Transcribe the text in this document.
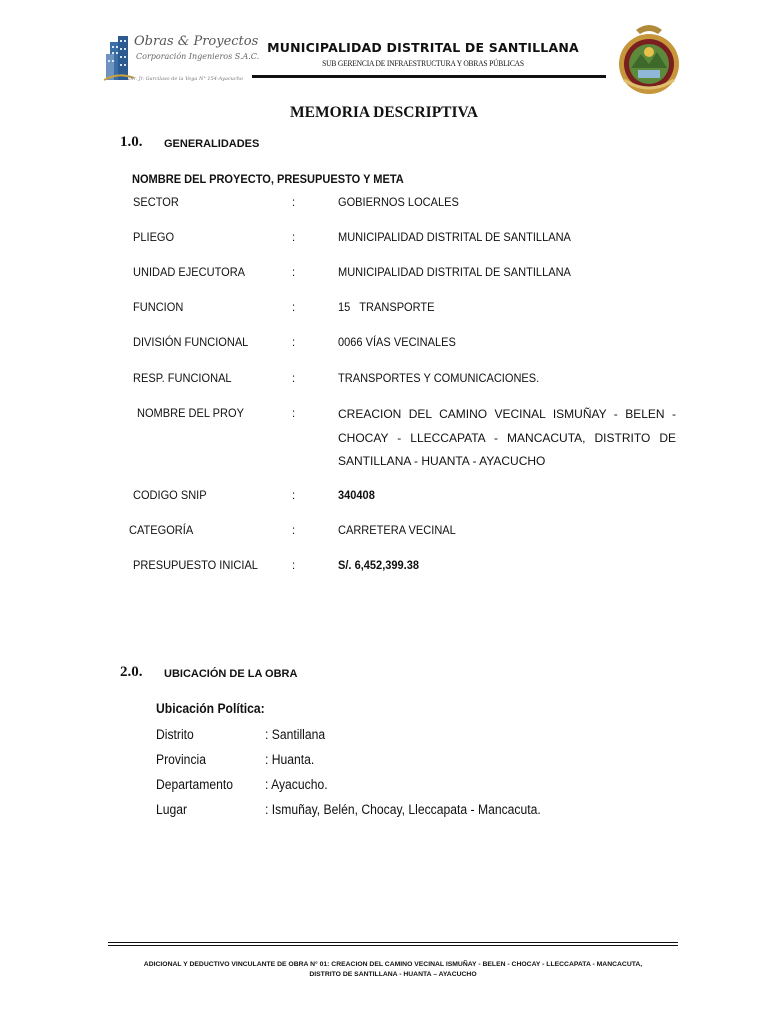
Obras & Proyectos
Corporación Ingenieros S.A.C.
Dir. Jr. Garcilaso de la Vega N° 154-Ayacucho
MUNICIPALIDAD DISTRITAL DE SANTILLANA
SUB GERENCIA DE INFRAESTRUCTURA Y OBRAS PÚBLICAS
MEMORIA DESCRIPTIVA
1.0. GENERALIDADES
NOMBRE DEL PROYECTO, PRESUPUESTO Y META
SECTOR	:	GOBIERNOS LOCALES
PLIEGO	:	MUNICIPALIDAD DISTRITAL DE SANTILLANA
UNIDAD EJECUTORA	:	MUNICIPALIDAD DISTRITAL DE SANTILLANA
FUNCION	:	15   TRANSPORTE
DIVISIÓN FUNCIONAL	:	0066 VÍAS VECINALES
RESP. FUNCIONAL	:	TRANSPORTES Y COMUNICACIONES.
NOMBRE DEL PROY	:	CREACION DEL CAMINO VECINAL ISMUÑAY - BELEN - CHOCAY - LLECCAPATA - MANCACUTA, DISTRITO DE SANTILLANA - HUANTA - AYACUCHO
CODIGO SNIP	:	340408
CATEGORÍA	:	CARRETERA VECINAL
PRESUPUESTO INICIAL	:	S/. 6,452,399.38
2.0. UBICACIÓN DE LA OBRA
Ubicación Política:
Distrito	: Santillana
Provincia	: Huanta.
Departamento : Ayacucho.
Lugar	: Ismuñay, Belén, Chocay, Lleccapata - Mancacuta.
ADICIONAL Y DEDUCTIVO VINCULANTE DE OBRA N° 01: CREACION DEL CAMINO VECINAL ISMUÑAY - BELEN - CHOCAY - LLECCAPATA - MANCACUTA,
DISTRITO DE SANTILLANA - HUANTA – AYACUCHO
